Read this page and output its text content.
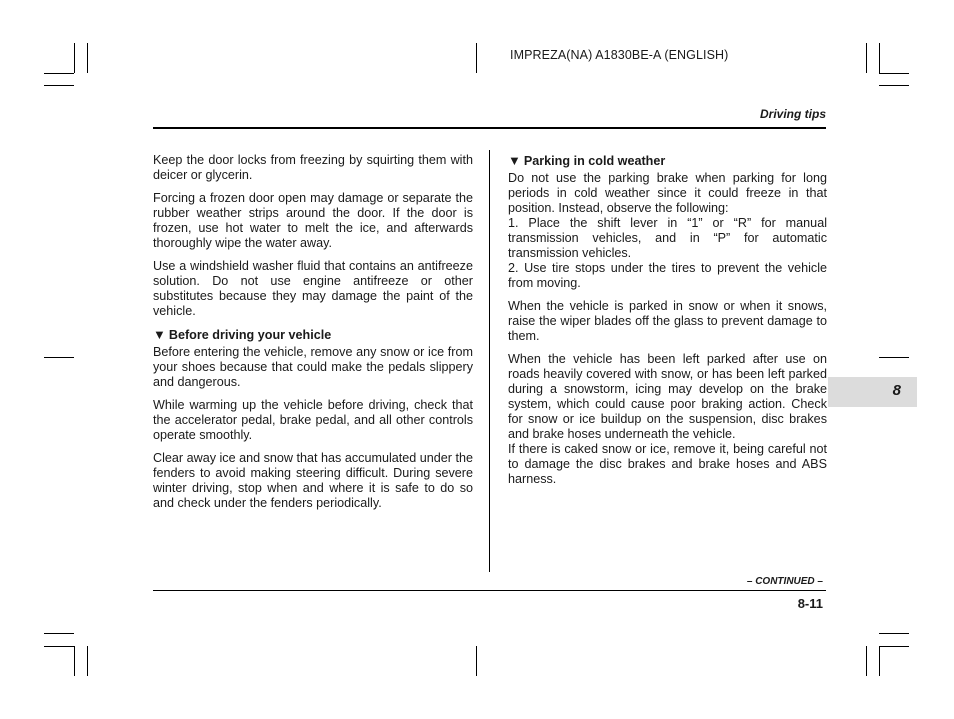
IMPREZA(NA) A1830BE-A (ENGLISH)
Driving tips

Keep the door locks from freezing by squirting them with deicer or glycerin.

Forcing a frozen door open may damage or separate the rubber weather strips around the door. If the door is frozen, use hot water to melt the ice, and afterwards thoroughly wipe the water away.

Use a windshield washer fluid that contains an antifreeze solution. Do not use engine antifreeze or other substitutes because they may damage the paint of the vehicle.

▼ Before driving your vehicle

Before entering the vehicle, remove any snow or ice from your shoes because that could make the pedals slippery and dangerous.

While warming up the vehicle before driving, check that the accelerator pedal, brake pedal, and all other controls operate smoothly.

Clear away ice and snow that has accumulated under the fenders to avoid making steering difficult. During severe winter driving, stop when and where it is safe to do so and check under the fenders periodically.

▼ Parking in cold weather

Do not use the parking brake when parking for long periods in cold weather since it could freeze in that position. Instead, observe the following:

1. Place the shift lever in “1” or “R” for manual transmission vehicles, and in “P” for automatic transmission vehicles.

2. Use tire stops under the tires to prevent the vehicle from moving.

When the vehicle is parked in snow or when it snows, raise the wiper blades off the glass to prevent damage to them.

When the vehicle has been left parked after use on roads heavily covered with snow, or has been left parked during a snowstorm, icing may develop on the brake system, which could cause poor braking action. Check for snow or ice buildup on the suspension, disc brakes and brake hoses underneath the vehicle.

If there is caked snow or ice, remove it, being careful not to damage the disc brakes and brake hoses and ABS harness.

8
– CONTINUED –
8-11
